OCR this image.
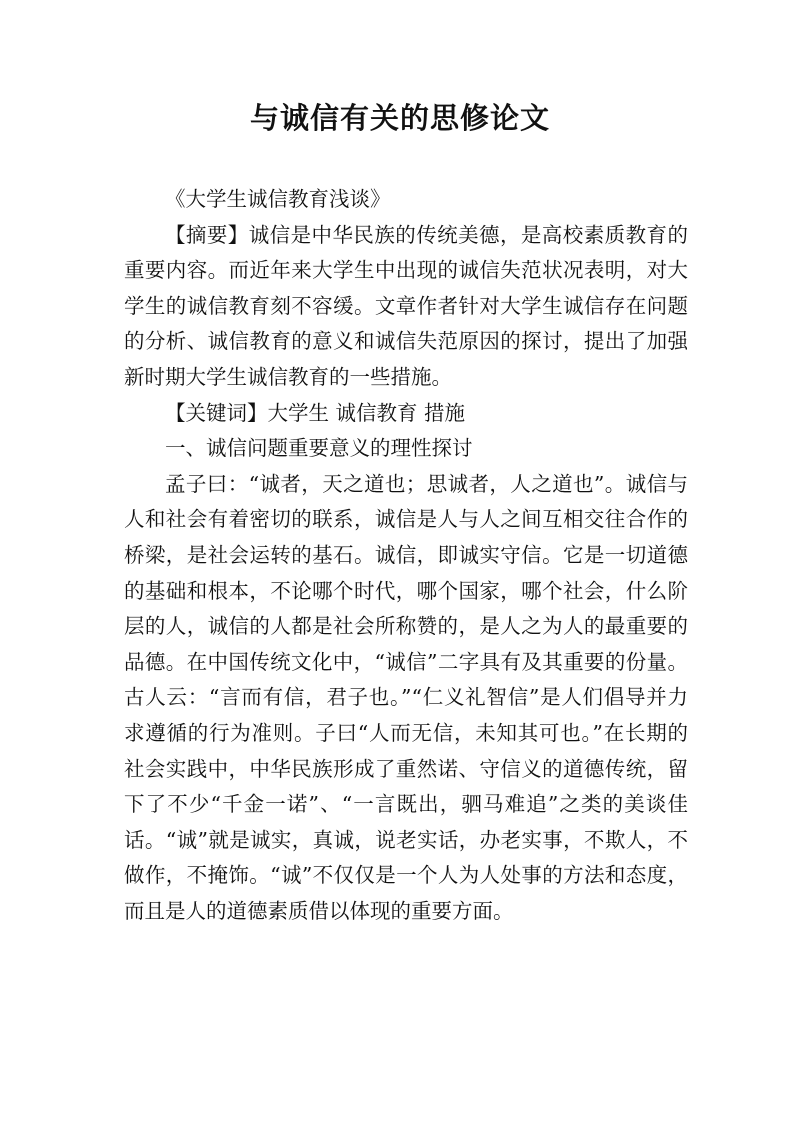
与诚信有关的思修论文

《大学生诚信教育浅谈》

【摘要】诚信是中华民族的传统美德，是高校素质教育的重要内容。而近年来大学生中出现的诚信失范状况表明，对大学生的诚信教育刻不容缓。文章作者针对大学生诚信存在问题的分析、诚信教育的意义和诚信失范原因的探讨，提出了加强新时期大学生诚信教育的一些措施。

【关键词】大学生 诚信教育 措施

一、诚信问题重要意义的理性探讨

孟子曰：“诚者，天之道也；思诚者，人之道也”。诚信与人和社会有着密切的联系，诚信是人与人之间互相交往合作的桥梁，是社会运转的基石。诚信，即诚实守信。它是一切道德的基础和根本，不论哪个时代，哪个国家，哪个社会，什么阶层的人，诚信的人都是社会所称赞的，是人之为人的最重要的品德。在中国传统文化中，“诚信”二字具有及其重要的份量。古人云：“言而有信，君子也。”“仁义礼智信”是人们倡导并力求遵循的行为准则。子曰“人而无信，未知其可也。”在长期的社会实践中，中华民族形成了重然诺、守信义的道德传统，留下了不少“千金一诺”、“一言既出，驷马难追”之类的美谈佳话。“诚”就是诚实，真诚，说老实话，办老实事，不欺人，不做作，不掩饰。“诚”不仅仅是一个人为人处事的方法和态度，而且是人的道德素质借以体现的重要方面。
